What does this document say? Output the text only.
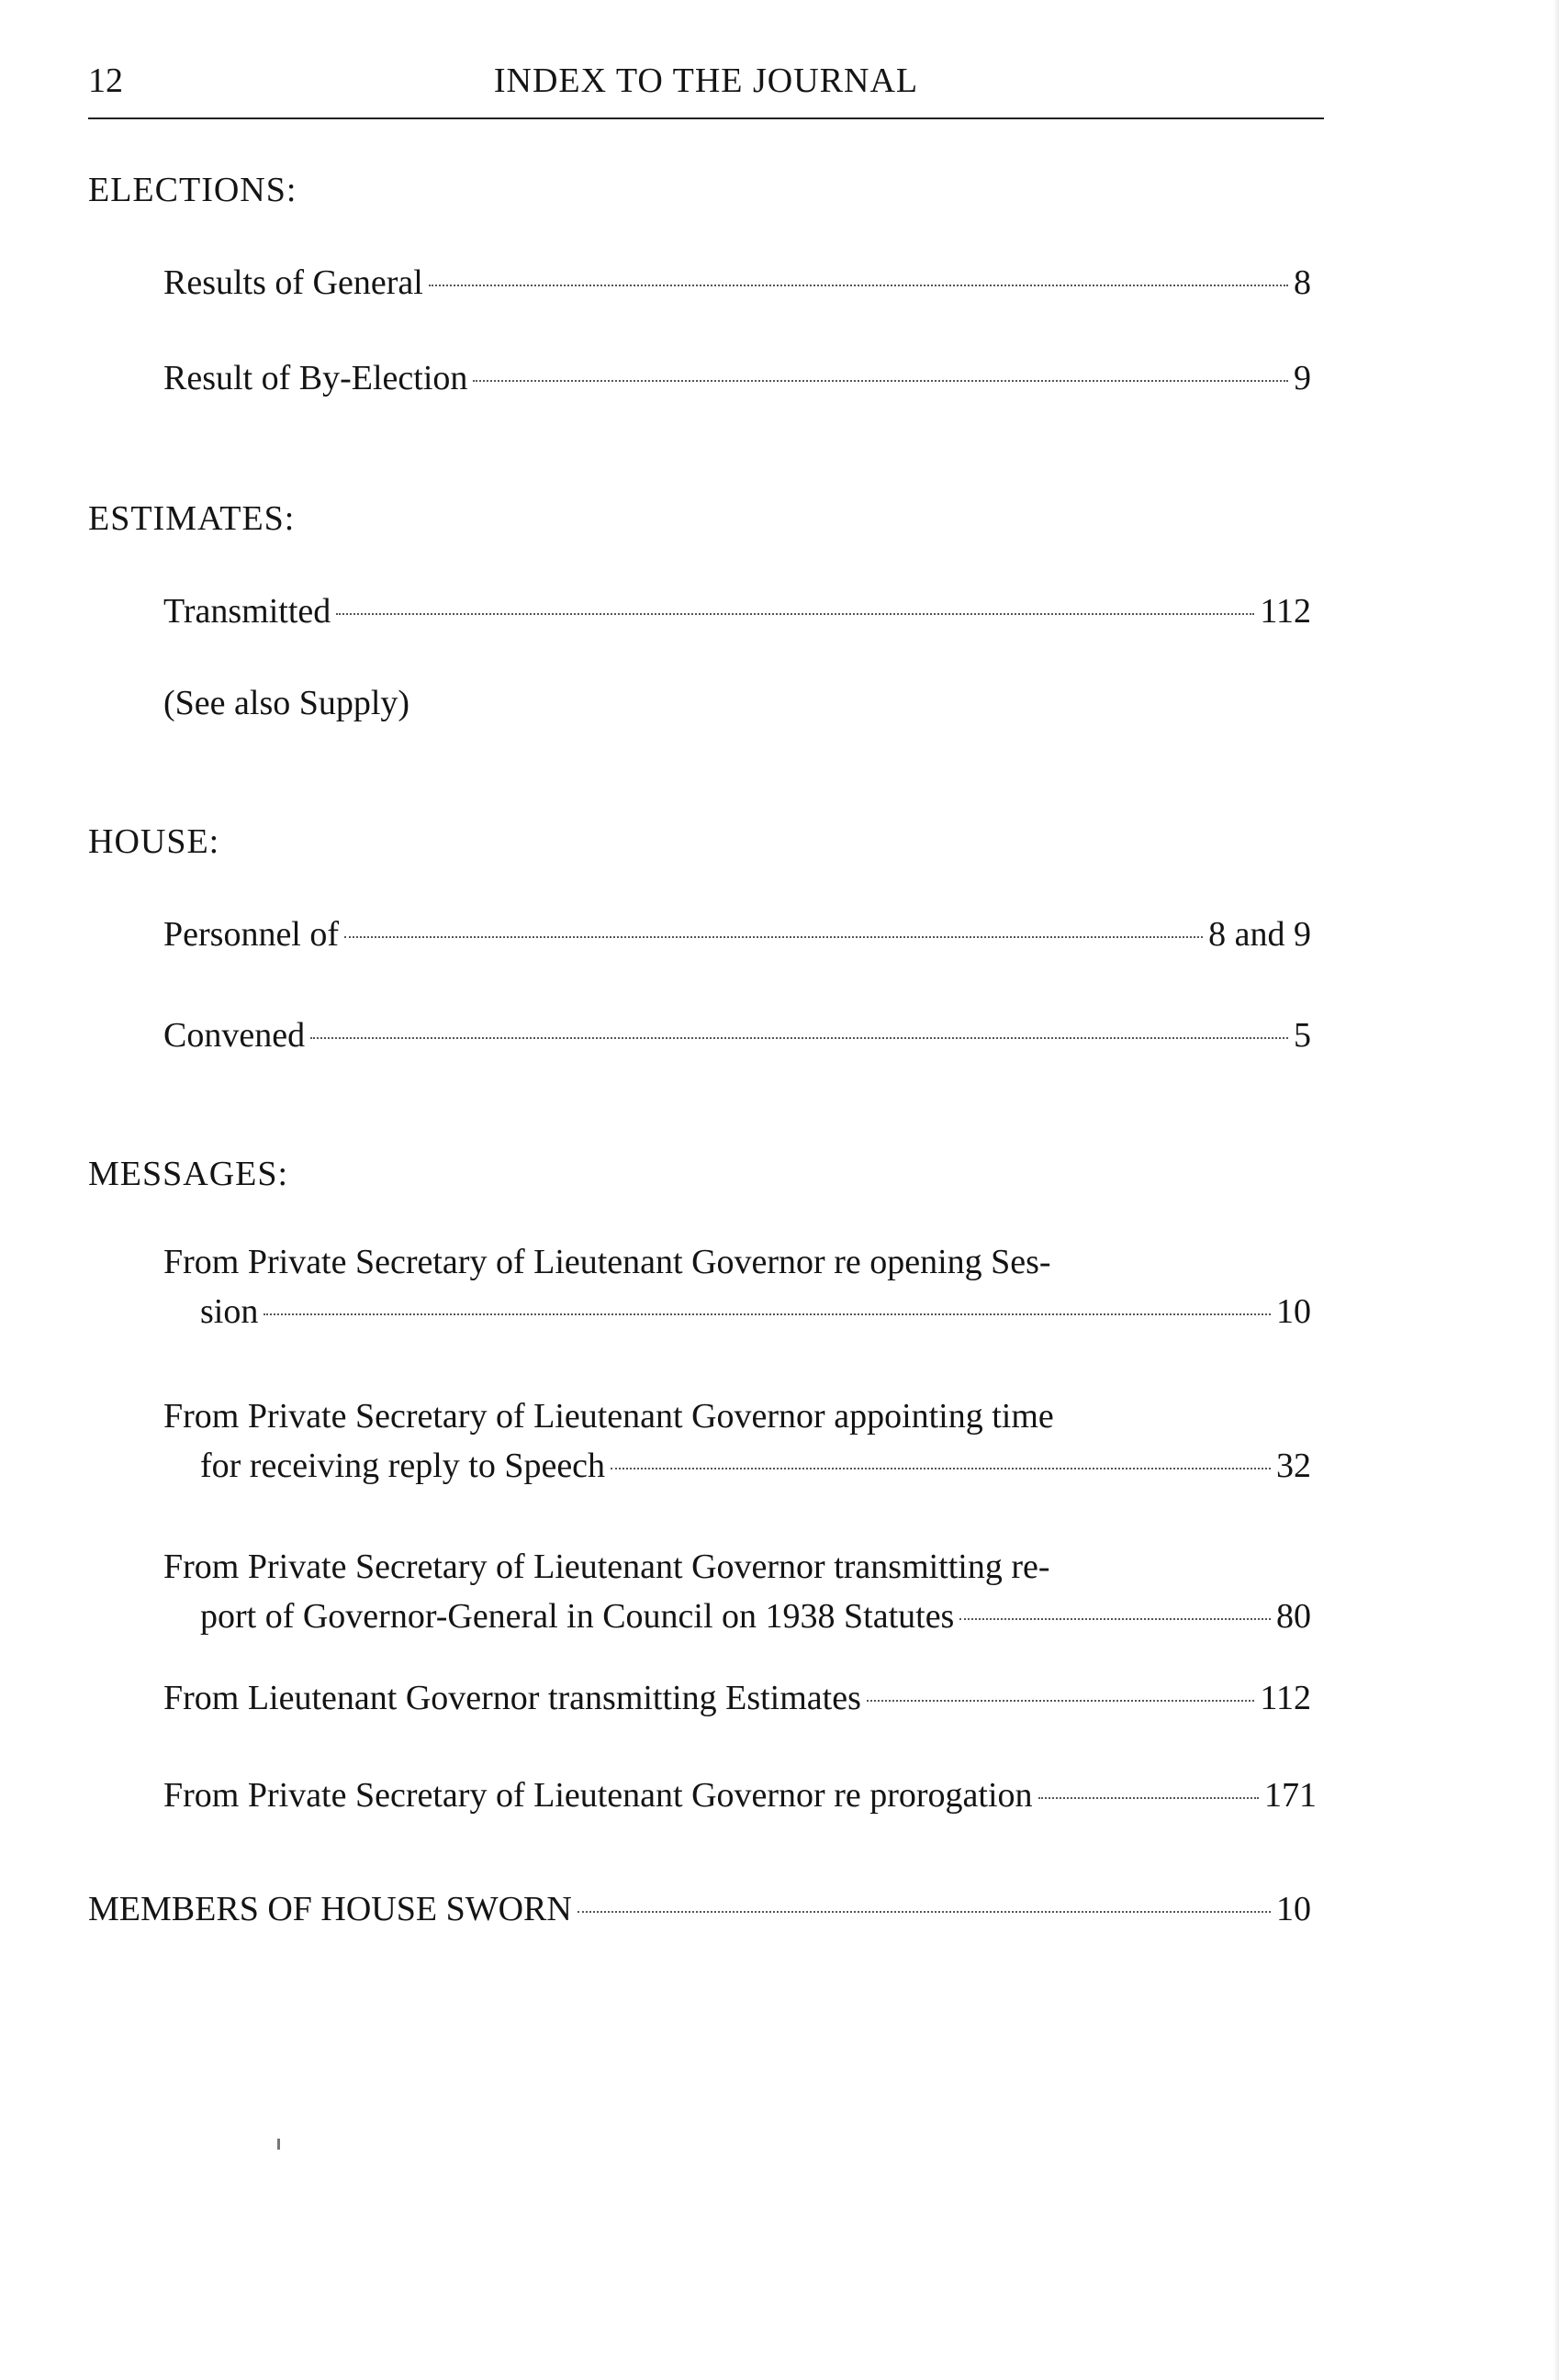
12	INDEX TO THE JOURNAL
ELECTIONS:
Results of General	8
Result of By-Election	9
ESTIMATES:
Transmitted	112
(See also Supply)
HOUSE:
Personnel of	8 and 9
Convened	5
MESSAGES:
From Private Secretary of Lieutenant Governor re opening Ses-
sion	10
From Private Secretary of Lieutenant Governor appointing time
for receiving reply to Speech	32
From Private Secretary of Lieutenant Governor transmitting re-
port of Governor-General in Council on 1938 Statutes	80
From Lieutenant Governor transmitting Estimates	112
From Private Secretary of Lieutenant Governor re prorogation	171
MEMBERS OF HOUSE SWORN	10
